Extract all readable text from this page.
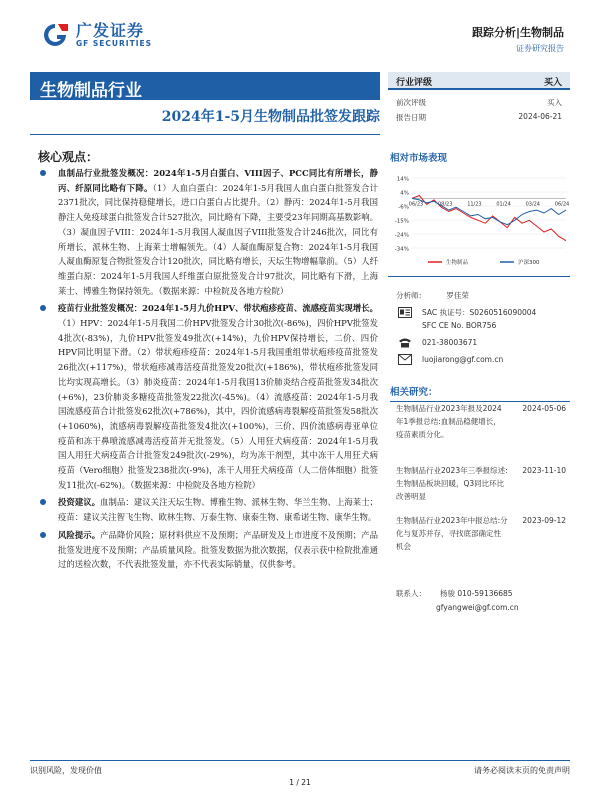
广发证券
GF SECURITIES
跟踪分析|生物制品
证券研究报告
生物制品行业
2024年1-5月生物制品批签发跟踪
核心观点：
血制品行业批签发概况：2024年1-5月白蛋白、VIII因子、PCC同比有所增长，静丙、纤原同比略有下降。（1）人血白蛋白：2024年1-5月我国人血白蛋白批签发合计2371批次，同比保持稳健增长，进口白蛋白占比提升。（2）静丙：2024年1-5月我国静注人免疫球蛋白批签发合计527批次，同比略有下降，主要受23年同期高基数影响。（3）凝血因子VIII：2024年1-5月我国人凝血因子VIII批签发合计246批次，同比有所增长，派林生物、上海莱士增幅领先。（4）人凝血酶原复合物：2024年1-5月我国人凝血酶原复合物批签发合计120批次，同比略有增长，天坛生物增幅靠前。（5）人纤维蛋白原：2024年1-5月我国人纤维蛋白原批签发合计97批次，同比略有下滑，上海莱士、博雅生物保持领先。（数据来源：中检院及各地方检院）
疫苗行业批签发概况：2024年1-5月九价HPV、带状疱疹疫苗、流感疫苗实现增长。（1）HPV：2024年1-5月我国二价HPV批签发合计30批次(-86%)，四价HPV批签发4批次(-83%)，九价HPV批签发49批次(+14%)，九价HPV保持增长，二价、四价HPV同比明显下滑。（2）带状疱疹疫苗：2024年1-5月我国重组带状疱疹疫苗批签发26批次(+117%)，带状疱疹减毒活疫苗批签发20批次(+186%)，带状疱疹批签发同比均实现高增长。（3）肺炎疫苗：2024年1-5月我国13价肺炎结合疫苗批签发34批次(+6%)，23价肺炎多糖疫苗批签发22批次(-45%)。（4）流感疫苗：2024年1-5月我国流感疫苗合计批签发62批次(+786%)，其中，四价流感病毒裂解疫苗批签发58批次(+1060%)，流感病毒裂解疫苗批签发4批次(+100%)，三价、四价流感病毒亚单位疫苗和冻干鼻喷流感减毒活疫苗并无批签发。（5）人用狂犬病疫苗：2024年1-5月我国人用狂犬病疫苗合计批签发249批次(-29%)，均为冻干剂型，其中冻干人用狂犬病疫苗（Vero细胞）批签发238批次(-9%)，冻干人用狂犬病疫苗（人二倍体细胞）批签发11批次(-62%)。（数据来源：中检院及各地方检院）
投资建议。血制品：建议关注天坛生物、博雅生物、派林生物、华兰生物、上海莱士；疫苗：建议关注智飞生物、欧林生物、万泰生物、康泰生物、康希诺生物、康华生物。
风险提示。产品降价风险；原材料供应不及预期；产品研发及上市进度不及预期；产品批签发进度不及预期；产品质量风险。批签发数据为批次数据，仅表示获中检院批准通过的送检次数，不代表批签发量，亦不代表实际销量，仅供参考。
行业评级	买入
前次评级	买入
报告日期	2024-06-21
相对市场表现
14%
4%
-6%
-15%
-24%
-34%
06/23	08/23	11/23	01/24	03/24	06/24
生物制品	沪深300
分析师：	罗佳荣
SAC 执证号：S0260516090004
SFC CE No. BOR756
021-38003671
luojiarong@gf.com.cn
相关研究：
生物制品行业2023年报及2024年1季报总结:血制品稳健增长，疫苗素质分化。
2024-05-06
生物制品行业2023年三季报综述:生物制品板块回暖，Q3同比环比改善明显
2023-11-10
生物制品行业2023年中报总结:分化与复苏并存，寻找底部确定性机会
2023-09-12
联系人： 杨骏 010-59136685
gfyangwei@gf.com.cn
识别风险，发现价值
1 / 21
请务必阅读末页的免责声明
